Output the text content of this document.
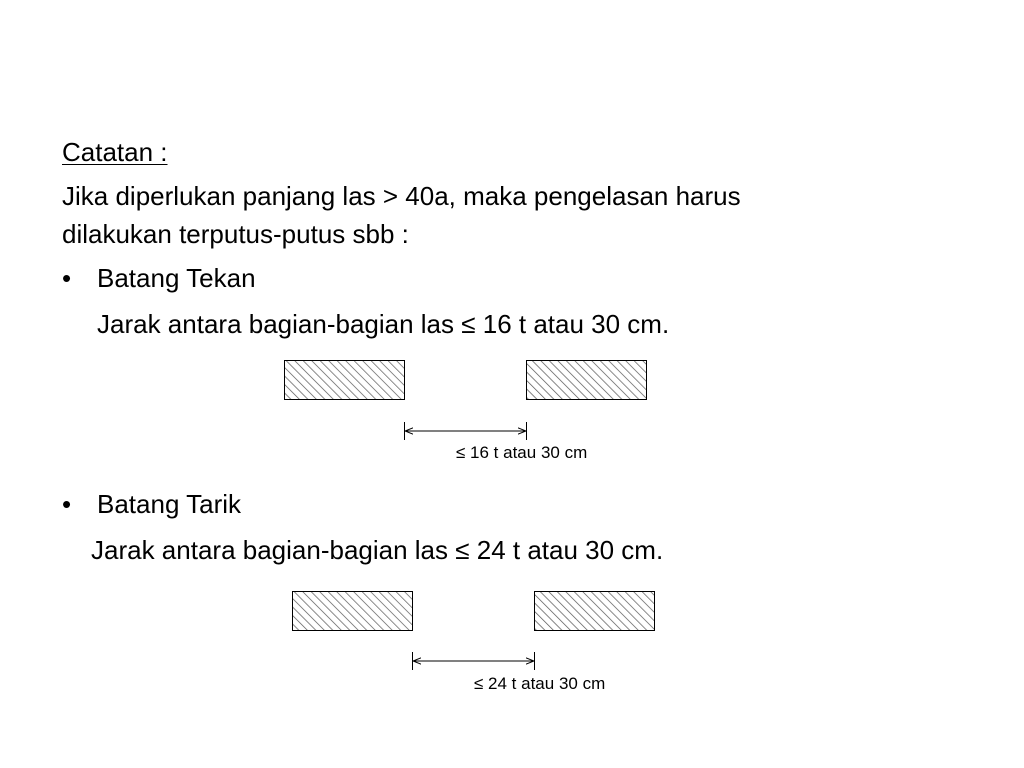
Catatan :
Jika diperlukan panjang las > 40a, maka pengelasan harus
dilakukan terputus-putus sbb :
• Batang Tekan
Jarak antara bagian-bagian las ≤ 16 t atau 30 cm.
≤ 16 t atau 30 cm
• Batang Tarik
Jarak antara bagian-bagian las ≤ 24 t atau 30 cm.
≤ 24 t atau 30 cm
